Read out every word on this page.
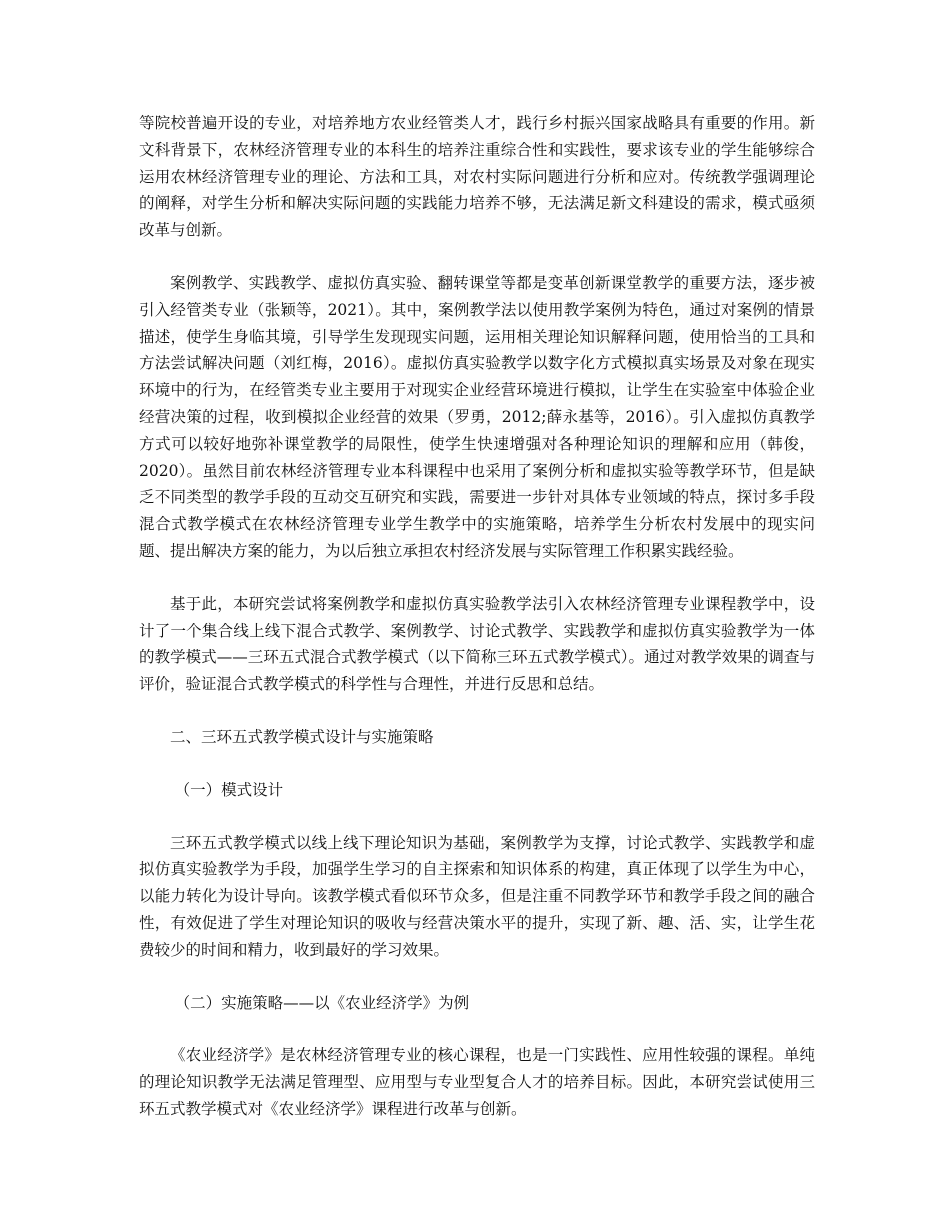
等院校普遍开设的专业，对培养地方农业经管类人才，践行乡村振兴国家战略具有重要的作用。新文科背景下，农林经济管理专业的本科生的培养注重综合性和实践性，要求该专业的学生能够综合运用农林经济管理专业的理论、方法和工具，对农村实际问题进行分析和应对。传统教学强调理论的阐释，对学生分析和解决实际问题的实践能力培养不够，无法满足新文科建设的需求，模式亟须改革与创新。

案例教学、实践教学、虚拟仿真实验、翻转课堂等都是变革创新课堂教学的重要方法，逐步被引入经管类专业（张颖等，2021）。其中，案例教学法以使用教学案例为特色，通过对案例的情景描述，使学生身临其境，引导学生发现现实问题，运用相关理论知识解释问题，使用恰当的工具和方法尝试解决问题（刘红梅，2016）。虚拟仿真实验教学以数字化方式模拟真实场景及对象在现实环境中的行为，在经管类专业主要用于对现实企业经营环境进行模拟，让学生在实验室中体验企业经营决策的过程，收到模拟企业经营的效果（罗勇，2012;薛永基等，2016）。引入虚拟仿真教学方式可以较好地弥补课堂教学的局限性，使学生快速增强对各种理论知识的理解和应用（韩俊，2020）。虽然目前农林经济管理专业本科课程中也采用了案例分析和虚拟实验等教学环节，但是缺乏不同类型的教学手段的互动交互研究和实践，需要进一步针对具体专业领域的特点，探讨多手段混合式教学模式在农林经济管理专业学生教学中的实施策略，培养学生分析农村发展中的现实问题、提出解决方案的能力，为以后独立承担农村经济发展与实际管理工作积累实践经验。

基于此，本研究尝试将案例教学和虚拟仿真实验教学法引入农林经济管理专业课程教学中，设计了一个集合线上线下混合式教学、案例教学、讨论式教学、实践教学和虚拟仿真实验教学为一体的教学模式——三环五式混合式教学模式（以下简称三环五式教学模式）。通过对教学效果的调查与评价，验证混合式教学模式的科学性与合理性，并进行反思和总结。

二、三环五式教学模式设计与实施策略

（一）模式设计

三环五式教学模式以线上线下理论知识为基础，案例教学为支撑，讨论式教学、实践教学和虚拟仿真实验教学为手段，加强学生学习的自主探索和知识体系的构建，真正体现了以学生为中心，以能力转化为设计导向。该教学模式看似环节众多，但是注重不同教学环节和教学手段之间的融合性，有效促进了学生对理论知识的吸收与经营决策水平的提升，实现了新、趣、活、实，让学生花费较少的时间和精力，收到最好的学习效果。

（二）实施策略——以《农业经济学》为例

《农业经济学》是农林经济管理专业的核心课程，也是一门实践性、应用性较强的课程。单纯的理论知识教学无法满足管理型、应用型与专业型复合人才的培养目标。因此，本研究尝试使用三环五式教学模式对《农业经济学》课程进行改革与创新。
